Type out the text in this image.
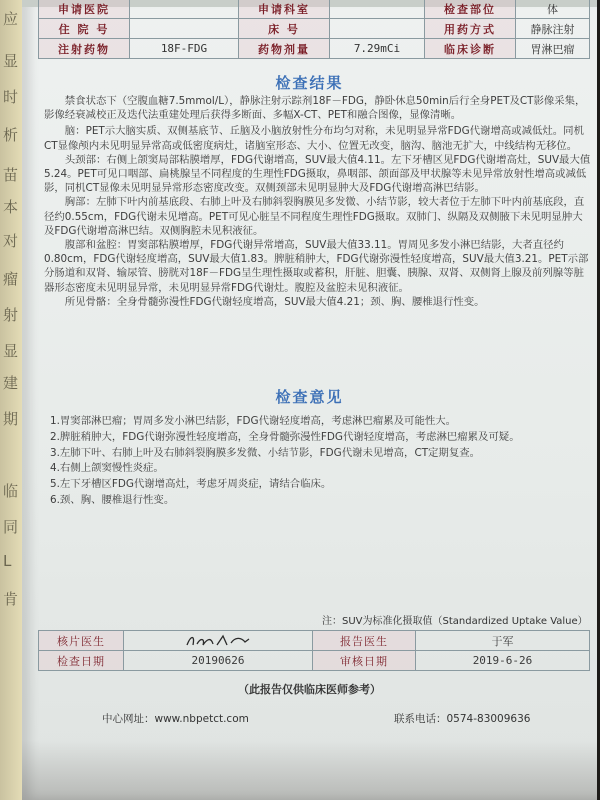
应
显
时
析
苗
本
对
瘤
射
显
建
期
临
同
L
肯
申请医院		申请科室		检查部位	体
住 院 号		床 号		用药方式	静脉注射
注射药物	18F-FDG	药物剂量	7.29mCi	临床诊断	胃淋巴瘤
检查结果

禁食状态下（空腹血糖7.5mmol/L），静脉注射示踪剂18F－FDG，静卧休息50min后行全身PET及CT影像采集，影像经衰减校正及迭代法重建处理后获得多断面、多幅X-CT、PET和融合图像，显像清晰。

脑：PET示大脑实质、双侧基底节、丘脑及小脑放射性分布均匀对称，未见明显异常FDG代谢增高或减低灶。同机CT显像颅内未见明显异常高或低密度病灶，诸脑室形态、大小、位置无改变，脑沟、脑池无扩大，中线结构无移位。

头颈部：右侧上颌窦局部粘膜增厚，FDG代谢增高，SUV最大值4.11。左下牙槽区见FDG代谢增高灶，SUV最大值5.24。PET可见口咽部、扁桃腺呈不同程度的生理性FDG摄取，鼻咽部、颌面部及甲状腺等未见异常放射性增高或减低影，同机CT显像未见明显异常形态密度改变。双侧颈部未见明显肿大及FDG代谢增高淋巴结影。

胸部：左肺下叶内前基底段、右肺上叶及右肺斜裂胸膜见多发微、小结节影，较大者位于左肺下叶内前基底段，直径约0.55cm，FDG代谢未见增高。PET可见心脏呈不同程度生理性FDG摄取。双肺门、纵隔及双侧腋下未见明显肿大及FDG代谢增高淋巴结。双侧胸腔未见积液征。

腹部和盆腔：胃窦部粘膜增厚，FDG代谢异常增高，SUV最大值33.11。胃周见多发小淋巴结影，大者直径约0.80cm，FDG代谢轻度增高，SUV最大值1.83。脾脏稍肿大，FDG代谢弥漫性轻度增高，SUV最大值3.21。PET示部分肠道和双肾、输尿管、膀胱对18F－FDG呈生理性摄取或蓄积，肝脏、胆囊、胰腺、双肾、双侧肾上腺及前列腺等脏器形态密度未见明显异常，未见明显异常FDG代谢灶。腹腔及盆腔未见积液征。

所见骨骼：全身骨髓弥漫性FDG代谢轻度增高，SUV最大值4.21；颈、胸、腰椎退行性变。

检查意见
1.胃窦部淋巴瘤；胃周多发小淋巴结影，FDG代谢轻度增高，考虑淋巴瘤累及可能性大。
2.脾脏稍肿大，FDG代谢弥漫性轻度增高，全身骨髓弥漫性FDG代谢轻度增高，考虑淋巴瘤累及可疑。
3.左肺下叶、右肺上叶及右肺斜裂胸膜多发微、小结节影，FDG代谢未见增高，CT定期复查。
4.右侧上颌窦慢性炎症。
5.左下牙槽区FDG代谢增高灶，考虑牙周炎症，请结合临床。
6.颈、胸、腰椎退行性变。
注：SUV为标准化摄取值（Standardized Uptake Value）
核片医生		报告医生	于军
检查日期	20190626	审核日期	2019-6-26
（此报告仅供临床医师参考）
中心网址：www.nbpetct.com	联系电话：0574-83009636
